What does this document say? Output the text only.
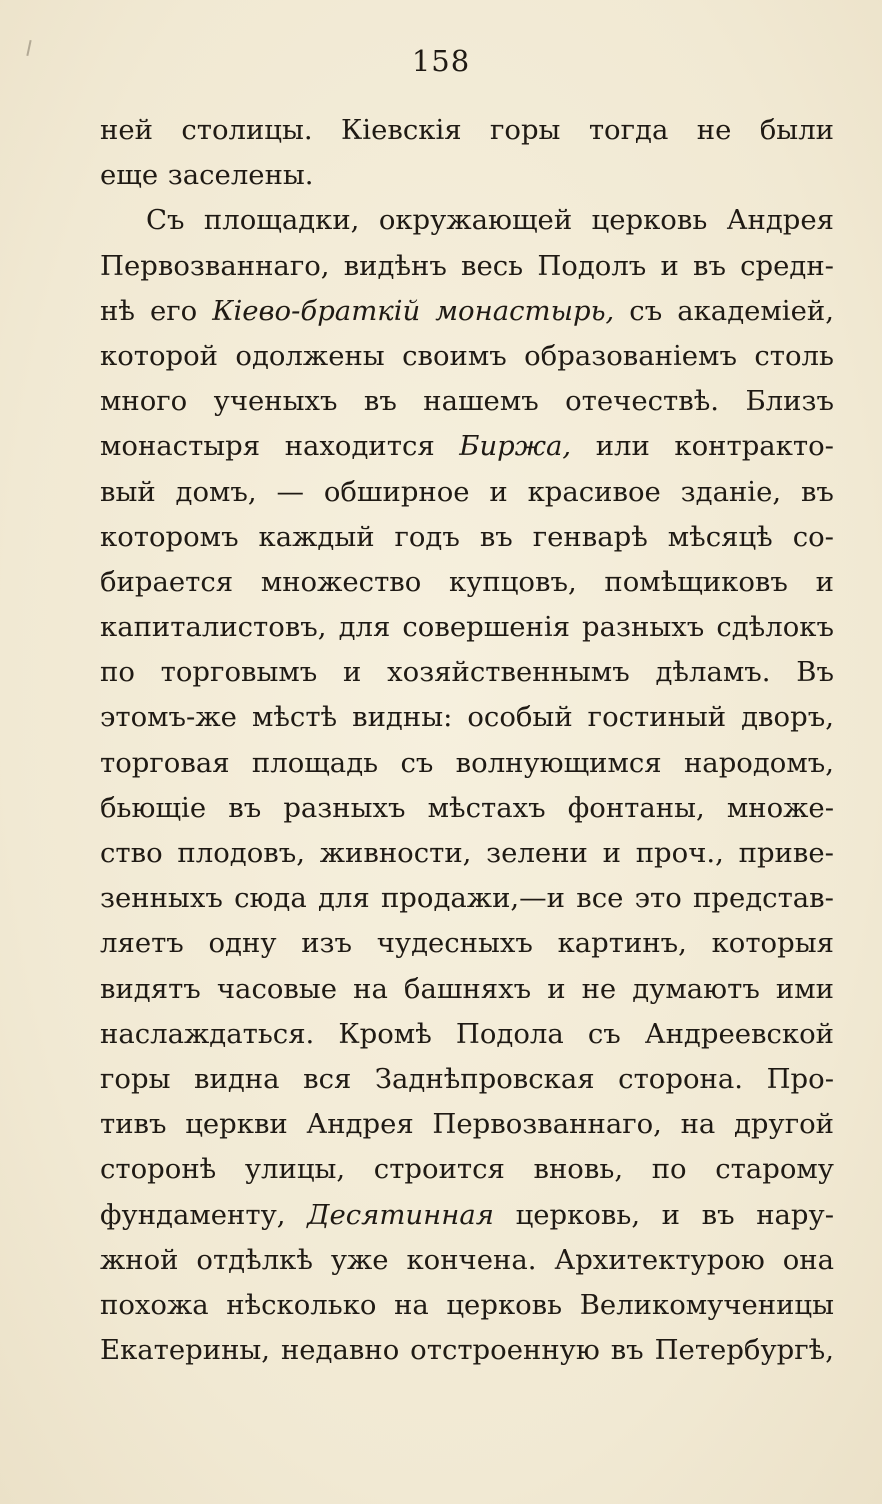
158
ней столицы. Кіевскія горы тогда не были
еще заселены.
Съ площадки, окружающей церковь Андрея
Первозваннаго, видѣнъ весь Подолъ и въ средн-
нѣ его Кіево-браткій монастырь, съ академіей,
которой одолжены своимъ образованіемъ столь
много ученыхъ въ нашемъ отечествѣ. Близъ
монастыря находится Биржа, или контракто-
вый домъ, — обширное и красивое зданіе, въ
которомъ каждый годъ въ генварѣ мѣсяцѣ со-
бирается множество купцовъ, помѣщиковъ и
капиталистовъ, для совершенія разныхъ сдѣлокъ
по торговымъ и хозяйственнымъ дѣламъ. Въ
этомъ-же мѣстѣ видны: особый гостиный дворъ,
торговая площадь съ волнующимся народомъ,
бьющіе въ разныхъ мѣстахъ фонтаны, множе-
ство плодовъ, живности, зелени и проч., приве-
зенныхъ сюда для продажи,—и все это представ-
ляетъ одну изъ чудесныхъ картинъ, которыя
видятъ часовые на башняхъ и не думаютъ ими
наслаждаться. Кромѣ Подола съ Андреевской
горы видна вся Заднѣпровская сторона. Про-
тивъ церкви Андрея Первозваннаго, на другой
сторонѣ улицы, строится вновь, по старому
фундаменту, Десятинная церковь, и въ нару-
жной отдѣлкѣ уже кончена. Архитектурою она
похожа нѣсколько на церковь Великомученицы
Екатерины, недавно отстроенную въ Петербургѣ,
